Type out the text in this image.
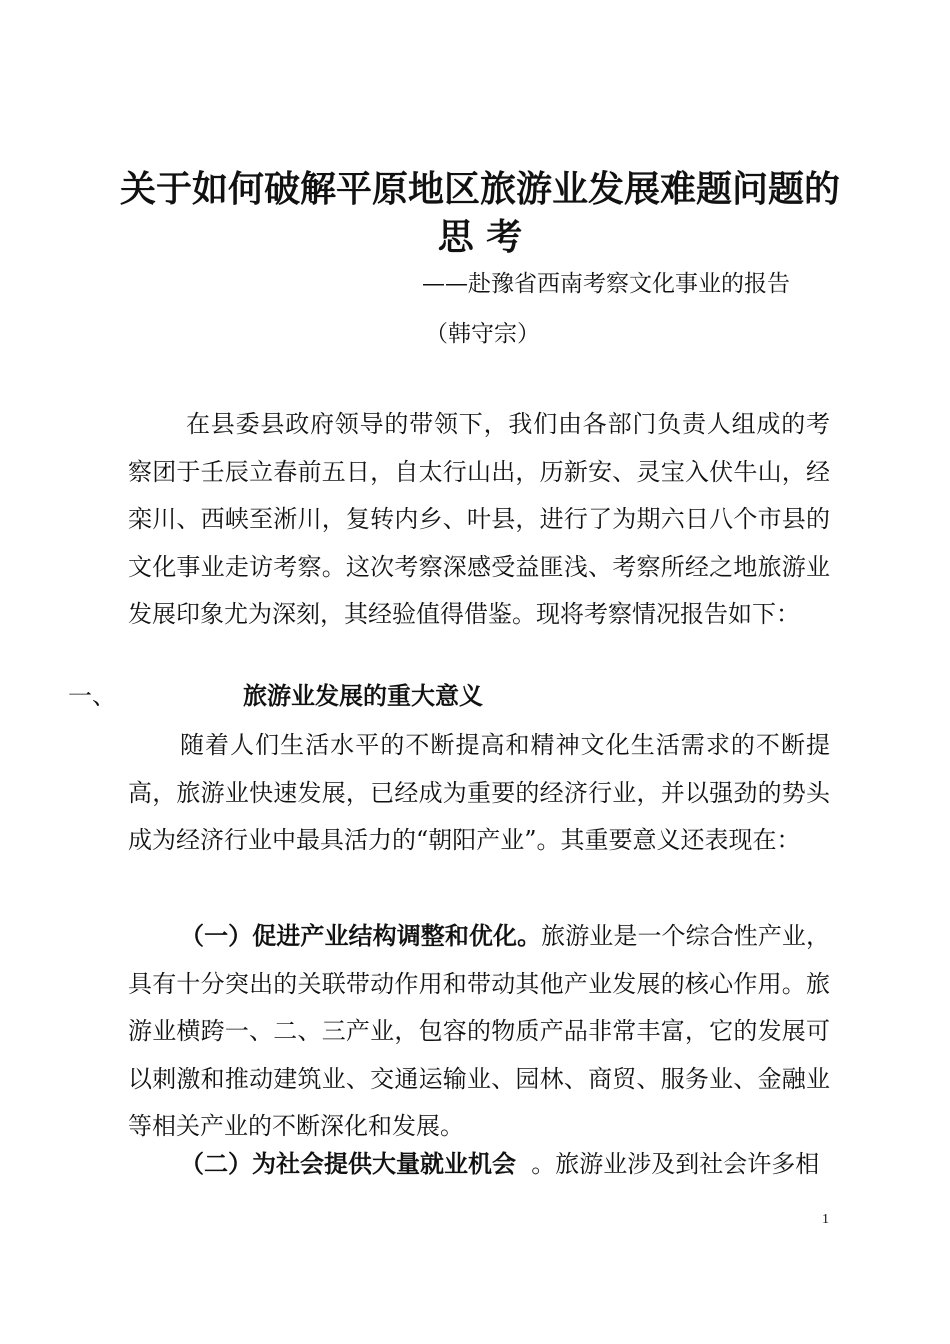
关于如何破解平原地区旅游业发展难题问题的
思 考
——赴豫省西南考察文化事业的报告
（韩守宗）

在县委县政府领导的带领下，我们由各部门负责人组成的考察团于壬辰立春前五日，自太行山出，历新安、灵宝入伏牛山，经栾川、西峡至淅川，复转内乡、叶县，进行了为期六日八个市县的文化事业走访考察。这次考察深感受益匪浅、考察所经之地旅游业发展印象尤为深刻，其经验值得借鉴。现将考察情况报告如下：

一、	旅游业发展的重大意义

随着人们生活水平的不断提高和精神文化生活需求的不断提高，旅游业快速发展，已经成为重要的经济行业，并以强劲的势头成为经济行业中最具活力的“朝阳产业”。其重要意义还表现在：

（一）促进产业结构调整和优化。旅游业是一个综合性产业，具有十分突出的关联带动作用和带动其他产业发展的核心作用。旅游业横跨一、二、三产业，包容的物质产品非常丰富，它的发展可以刺激和推动建筑业、交通运输业、园林、商贸、服务业、金融业等相关产业的不断深化和发展。

（二）为社会提供大量就业机会  。旅游业涉及到社会许多相

1
